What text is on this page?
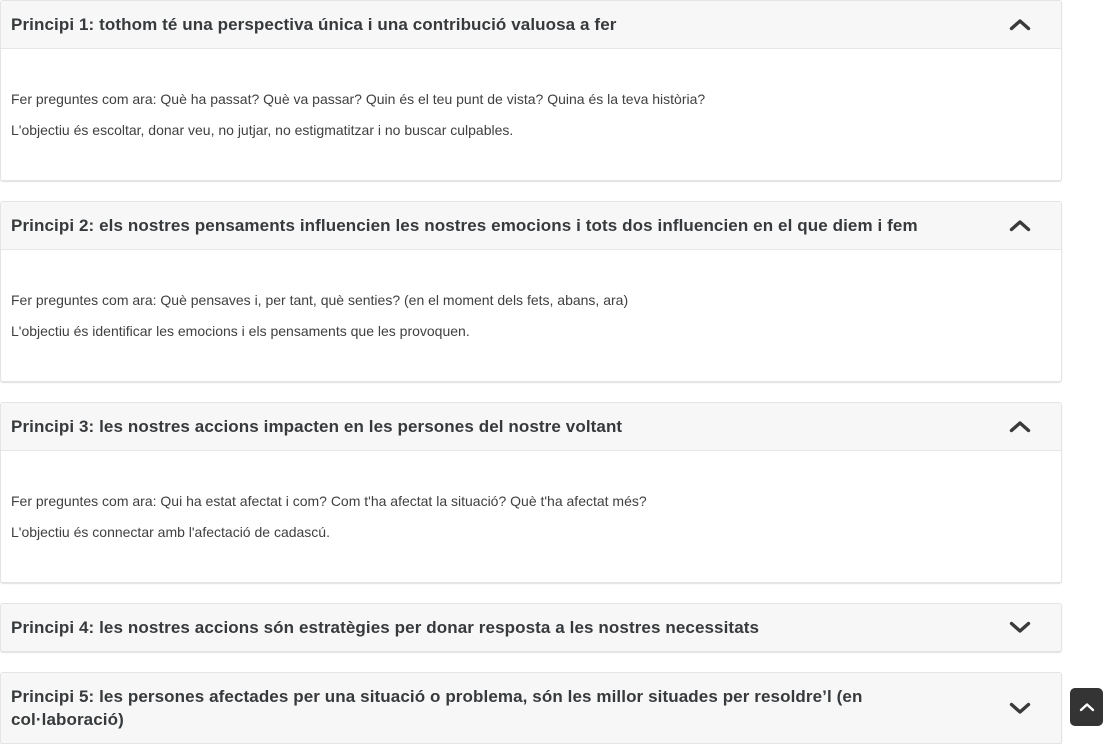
Principi 1: tothom té una perspectiva única i una contribució valuosa a fer

Fer preguntes com ara: Què ha passat? Què va passar? Quin és el teu punt de vista? Quina és la teva història?

L'objectiu és escoltar, donar veu, no jutjar, no estigmatitzar i no buscar culpables.

Principi 2: els nostres pensaments influencien les nostres emocions i tots dos influencien en el que diem i fem

Fer preguntes com ara: Què pensaves i, per tant, què senties? (en el moment dels fets, abans, ara)

L'objectiu és identificar les emocions i els pensaments que les provoquen.

Principi 3: les nostres accions impacten en les persones del nostre voltant

Fer preguntes com ara: Qui ha estat afectat i com? Com t'ha afectat la situació? Què t'ha afectat més?

L'objectiu és connectar amb l'afectació de cadascú.

Principi 4: les nostres accions són estratègies per donar resposta a les nostres necessitats
Principi 5: les persones afectades per una situació o problema, són les millor situades per resoldre’l (en col·laboració)
